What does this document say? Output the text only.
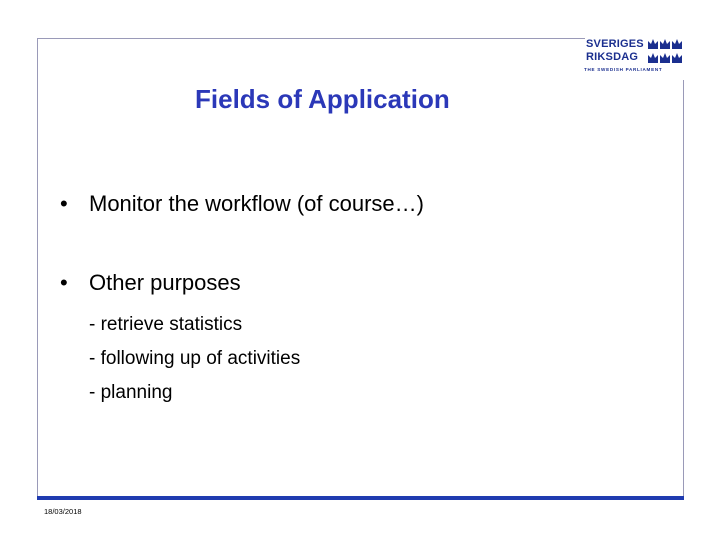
SVERIGES
RIKSDAG
THE SWEDISH PARLIAMENT
Fields of Application
• Monitor the workflow (of course…)
• Other purposes
- retrieve statistics
- following up of activities
- planning
18/03/2018
